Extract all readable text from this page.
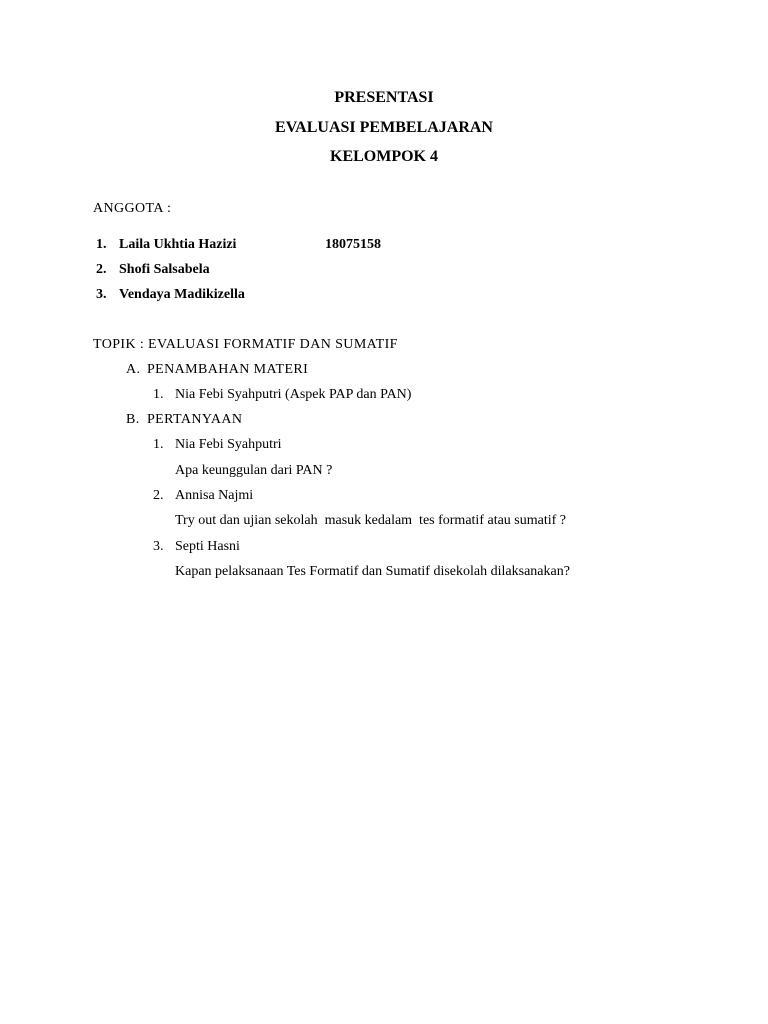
PRESENTASI
EVALUASI PEMBELAJARAN
KELOMPOK 4
ANGGOTA :
1. Laila Ukhtia Hazizi	18075158
2. Shofi Salsabela
3. Vendaya Madikizella
TOPIK : EVALUASI FORMATIF DAN SUMATIF
A. PENAMBAHAN MATERI
1. Nia Febi Syahputri (Aspek PAP dan PAN)
B. PERTANYAAN
1. Nia Febi Syahputri
Apa keunggulan dari PAN ?
2. Annisa Najmi
Try out dan ujian sekolah  masuk kedalam  tes formatif atau sumatif ?
3. Septi Hasni
Kapan pelaksanaan Tes Formatif dan Sumatif disekolah dilaksanakan?
